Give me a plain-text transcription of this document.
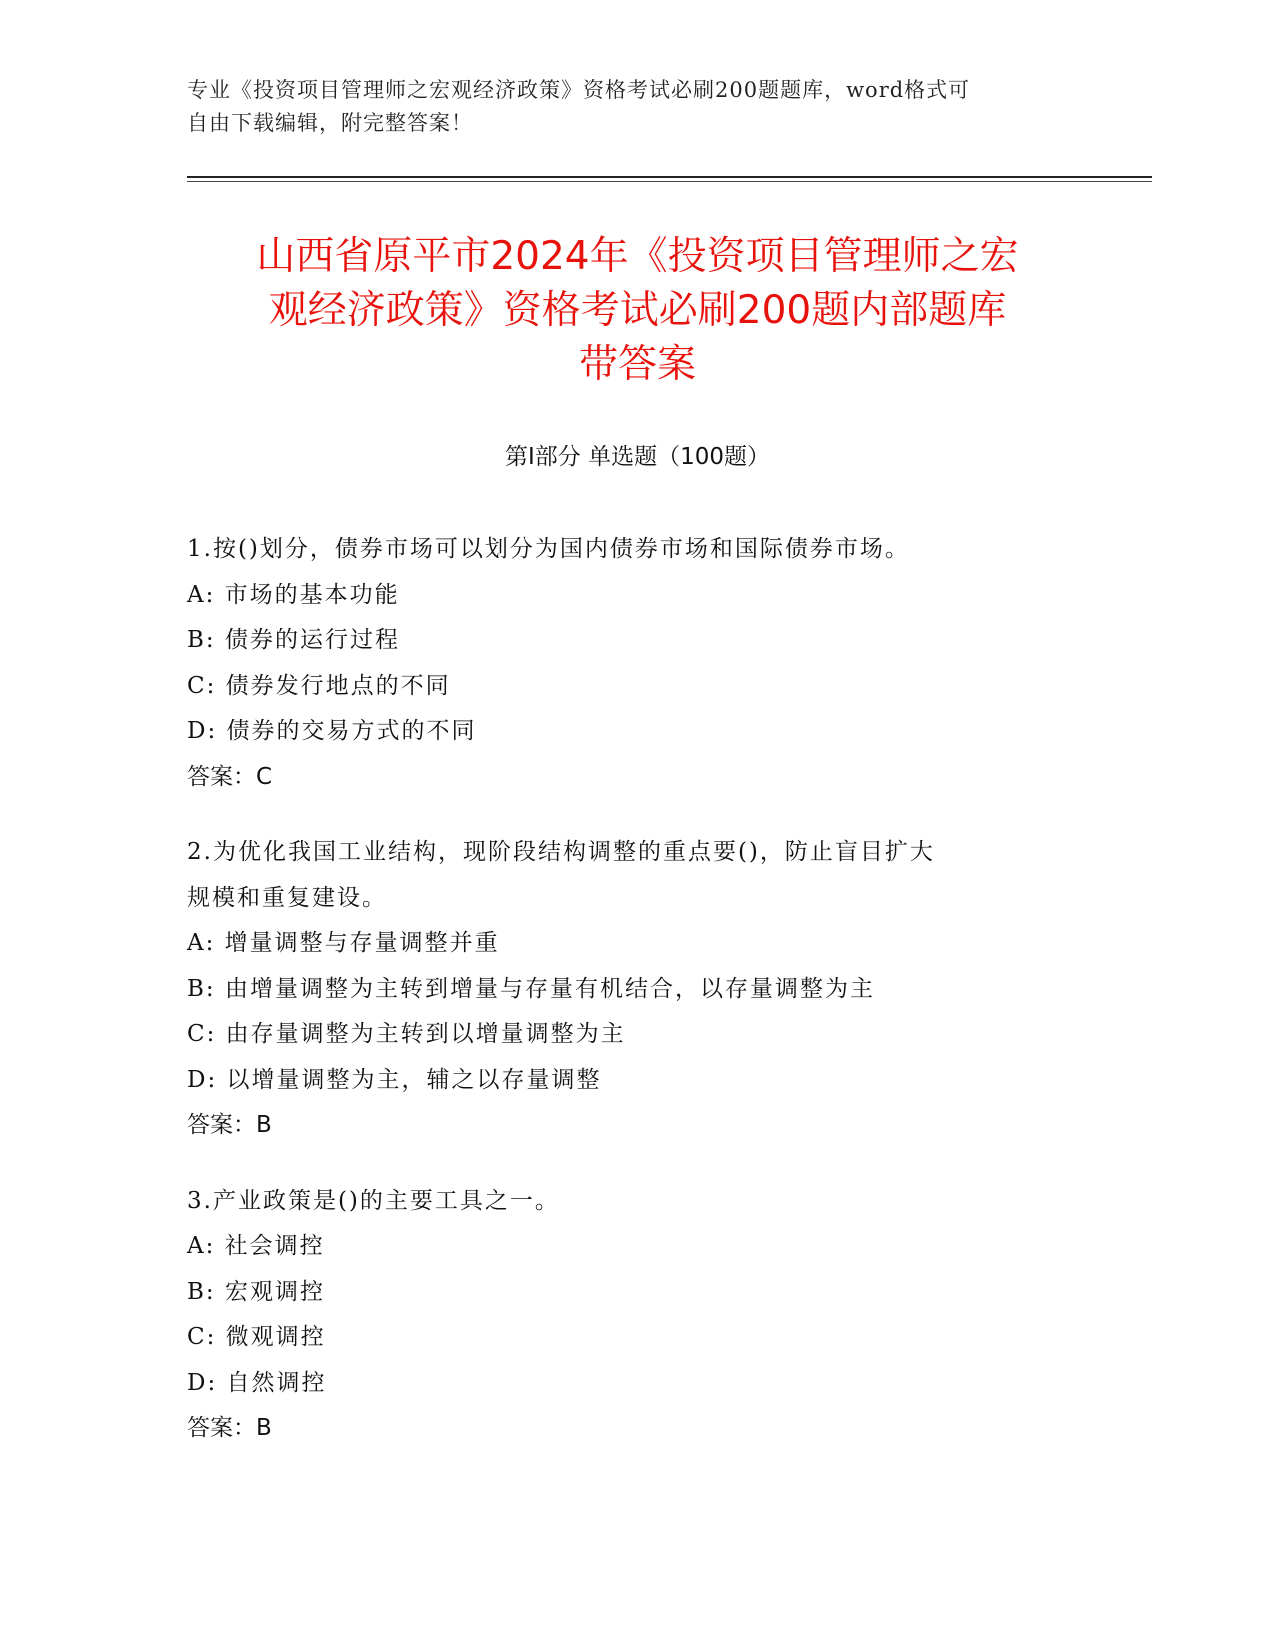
专业《投资项目管理师之宏观经济政策》资格考试必刷200题题库，word格式可
自由下载编辑，附完整答案！
山西省原平市2024年《投资项目管理师之宏
观经济政策》资格考试必刷200题内部题库
带答案
第Ⅰ部分 单选题（100题）

1.按()划分，债券市场可以划分为国内债券市场和国际债券市场。

A: 市场的基本功能

B: 债券的运行过程

C: 债券发行地点的不同

D: 债券的交易方式的不同

答案：C

2.为优化我国工业结构，现阶段结构调整的重点要()，防止盲目扩大

规模和重复建设。

A: 增量调整与存量调整并重

B: 由增量调整为主转到增量与存量有机结合，以存量调整为主

C: 由存量调整为主转到以增量调整为主

D: 以增量调整为主，辅之以存量调整

答案：B

3.产业政策是()的主要工具之一。

A: 社会调控

B: 宏观调控

C: 微观调控

D: 自然调控

答案：B
